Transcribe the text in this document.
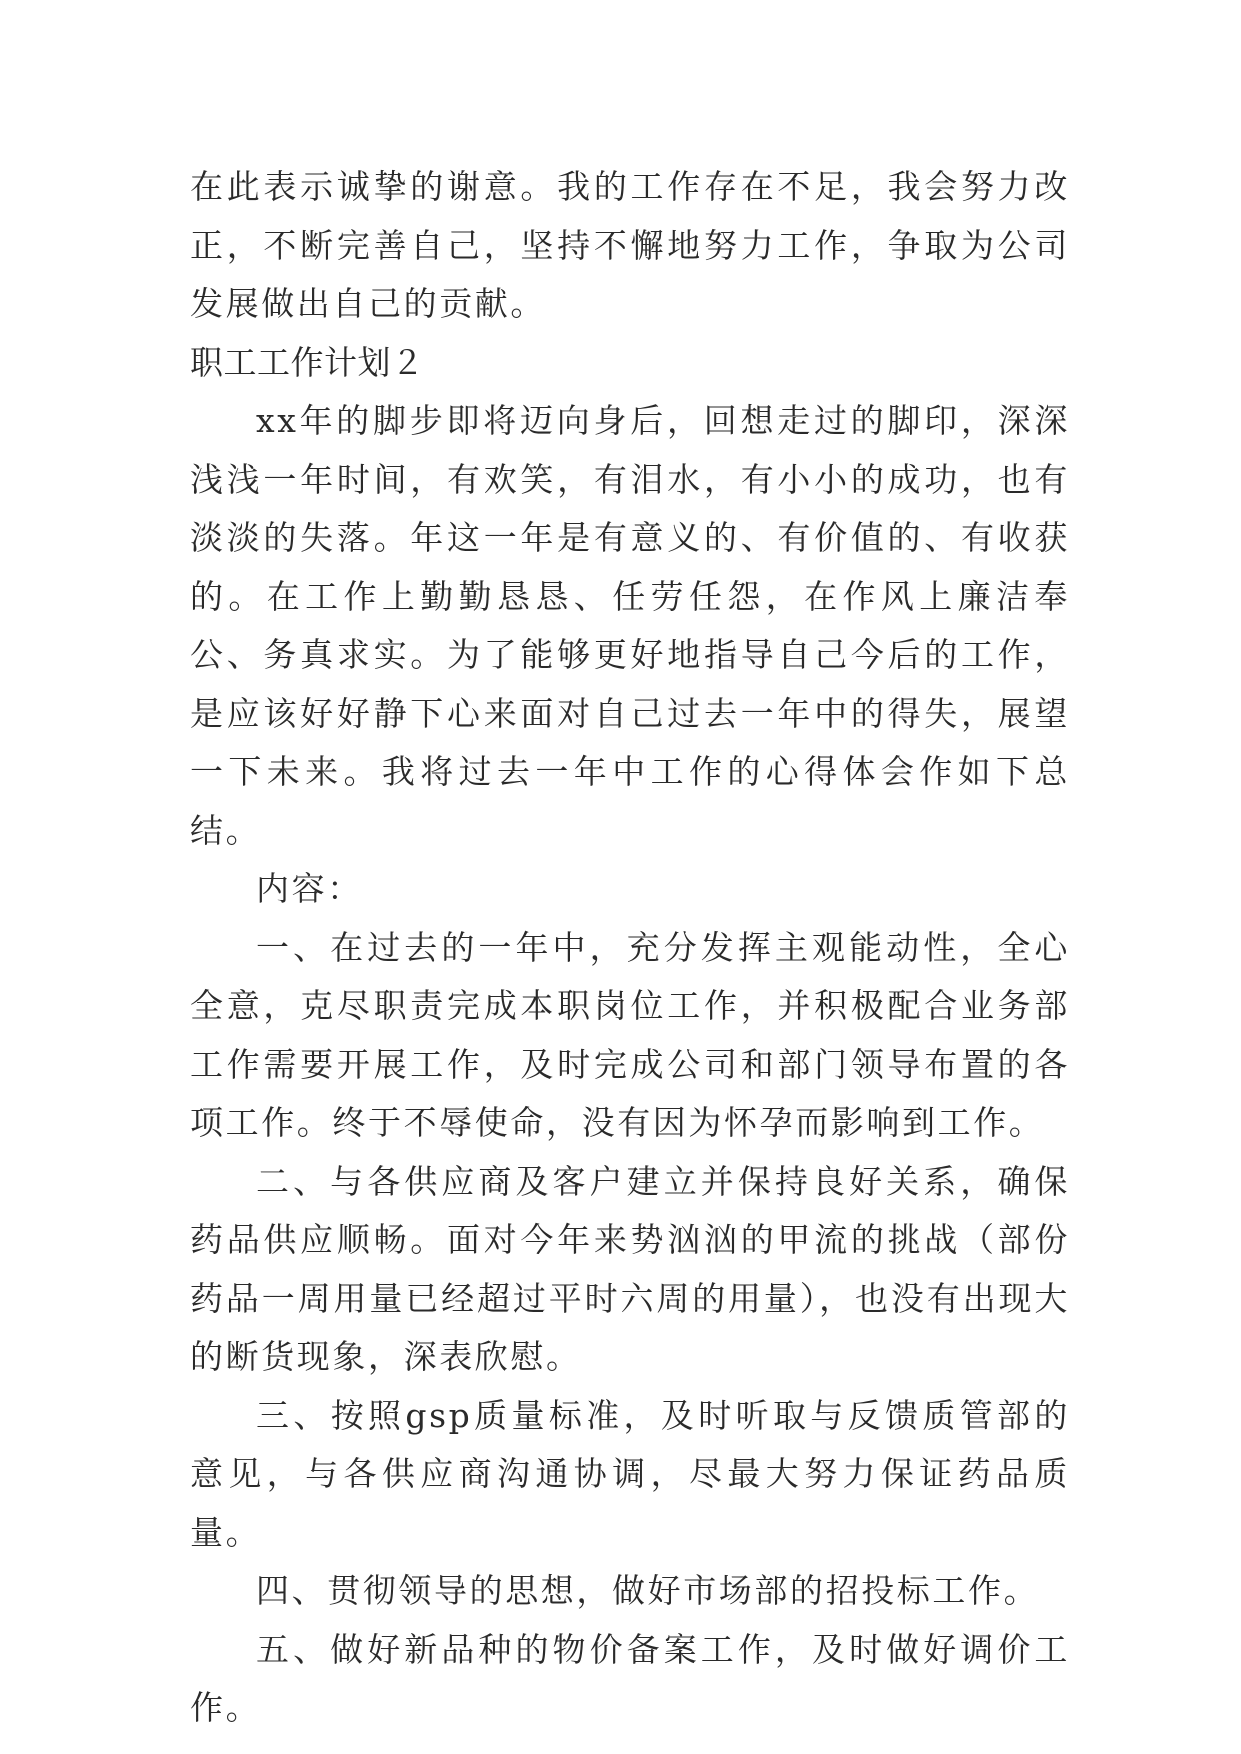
在此表示诚挚的谢意。我的工作存在不足，我会努力改正，不断完善自己，坚持不懈地努力工作，争取为公司发展做出自己的贡献。

职工工作计划２

xx年的脚步即将迈向身后，回想走过的脚印，深深浅浅一年时间，有欢笑，有泪水，有小小的成功，也有淡淡的失落。年这一年是有意义的、有价值的、有收获的。在工作上勤勤恳恳、任劳任怨，在作风上廉洁奉公、务真求实。为了能够更好地指导自己今后的工作，是应该好好静下心来面对自己过去一年中的得失，展望一下未来。我将过去一年中工作的心得体会作如下总结。

内容：

一、在过去的一年中，充分发挥主观能动性，全心全意，克尽职责完成本职岗位工作，并积极配合业务部工作需要开展工作，及时完成公司和部门领导布置的各项工作。终于不辱使命，没有因为怀孕而影响到工作。

二、与各供应商及客户建立并保持良好关系，确保药品供应顺畅。面对今年来势汹汹的甲流的挑战（部份药品一周用量已经超过平时六周的用量），也没有出现大的断货现象，深表欣慰。

三、按照gsp质量标准，及时听取与反馈质管部的意见，与各供应商沟通协调，尽最大努力保证药品质量。

四、贯彻领导的思想，做好市场部的招投标工作。

五、做好新品种的物价备案工作，及时做好调价工作。
